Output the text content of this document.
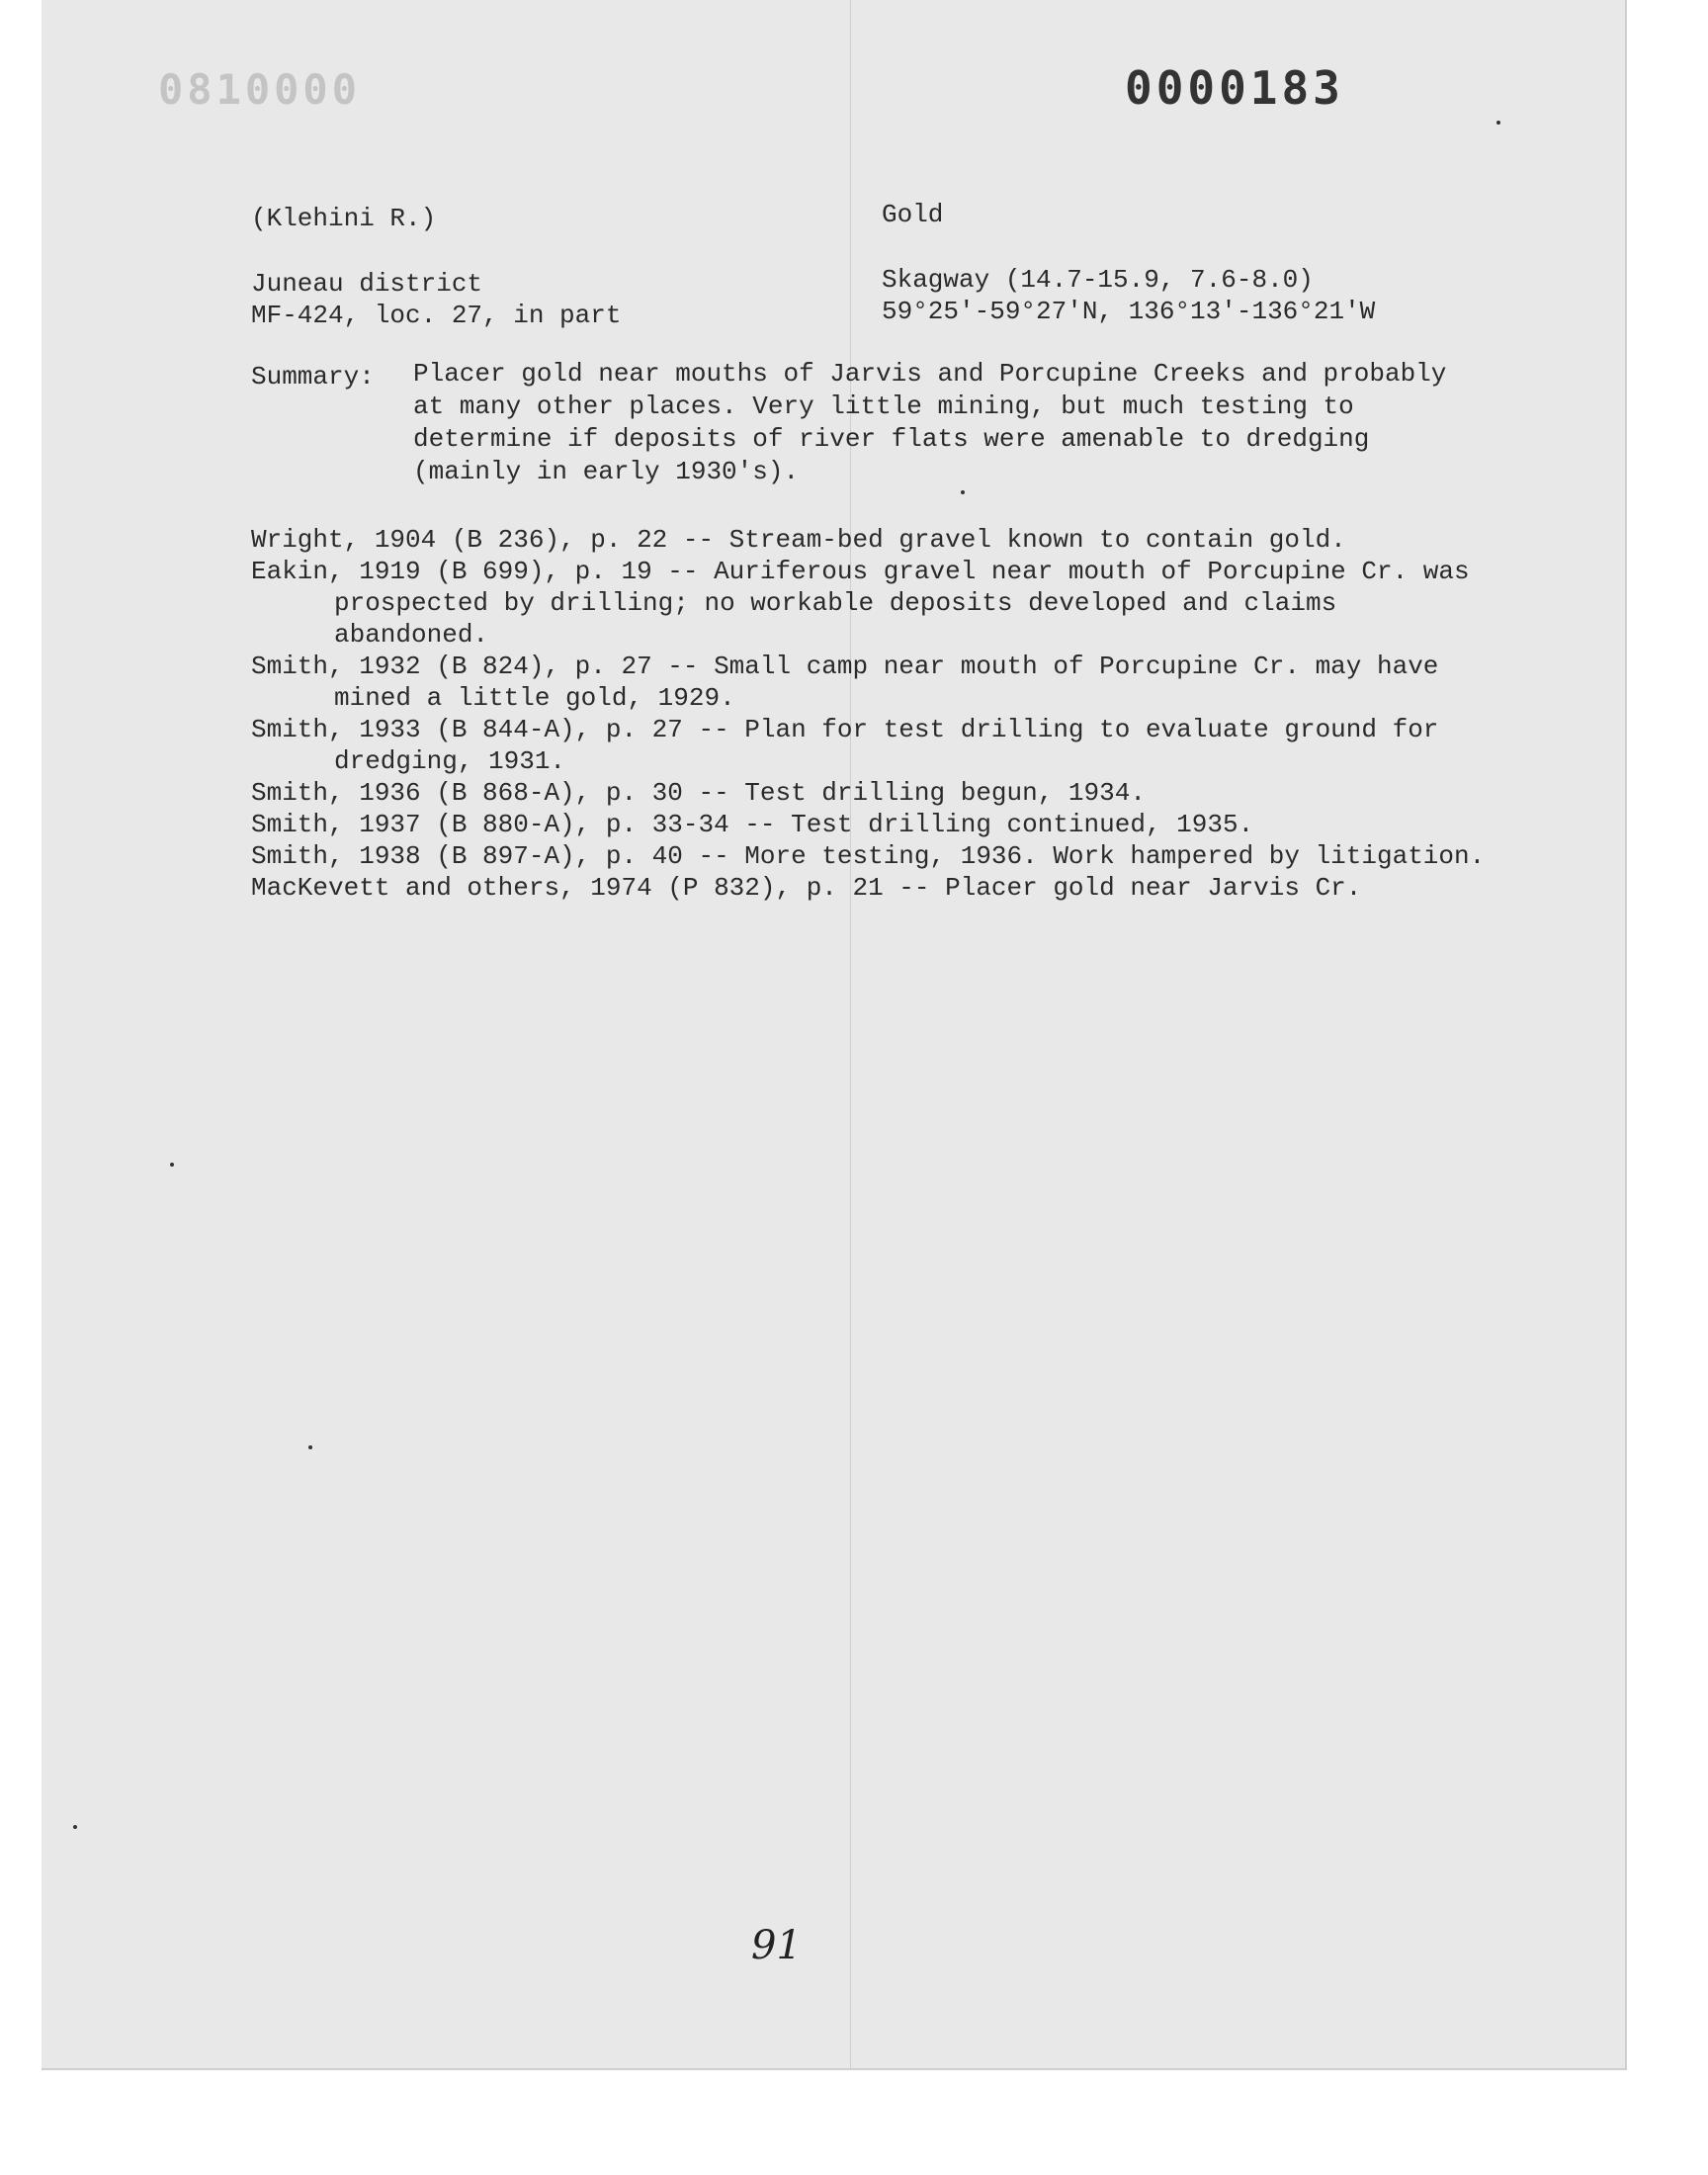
0810000	0000183
(Klehini R.)	Gold
Juneau district	Skagway (14.7-15.9, 7.6-8.0)
MF-424, loc. 27, in part	59°25'-59°27'N, 136°13'-136°21'W
Summary: Placer gold near mouths of Jarvis and Porcupine Creeks and probably at many other places. Very little mining, but much testing to determine if deposits of river flats were amenable to dredging (mainly in early 1930's).
Wright, 1904 (B 236), p. 22 -- Stream-bed gravel known to contain gold.
Eakin, 1919 (B 699), p. 19 -- Auriferous gravel near mouth of Porcupine Cr. was prospected by drilling; no workable deposits developed and claims abandoned.
Smith, 1932 (B 824), p. 27 -- Small camp near mouth of Porcupine Cr. may have mined a little gold, 1929.
Smith, 1933 (B 844-A), p. 27 -- Plan for test drilling to evaluate ground for dredging, 1931.
Smith, 1936 (B 868-A), p. 30 -- Test drilling begun, 1934.
Smith, 1937 (B 880-A), p. 33-34 -- Test drilling continued, 1935.
Smith, 1938 (B 897-A), p. 40 -- More testing, 1936. Work hampered by litigation.
MacKevett and others, 1974 (P 832), p. 21 -- Placer gold near Jarvis Cr.
91
